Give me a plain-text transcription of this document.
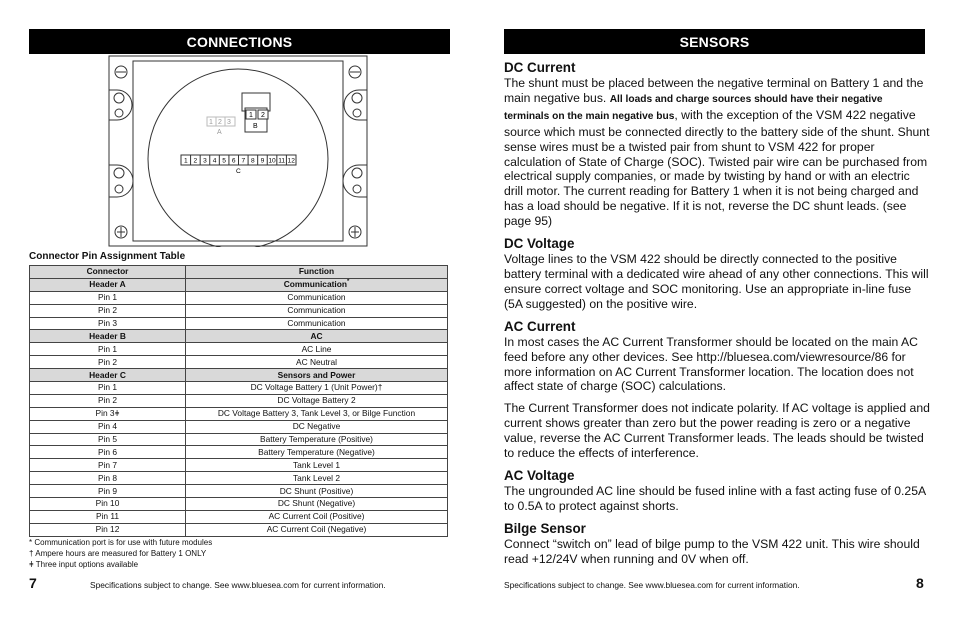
CONNECTIONS
1 2 3
A
1 2
B
1 2 3 4 5 6 7 8 9 10 11 12
C
Connector Pin Assignment Table
Connector	Function
Header A	Communication*
Pin 1	Communication
Pin 2	Communication
Pin 3	Communication
Header B	AC
Pin 1	AC Line
Pin 2	AC Neutral
Header C	Sensors and Power
Pin 1	DC Voltage Battery 1 (Unit Power)†
Pin 2	DC Voltage Battery 2
Pin 3ǂ	DC Voltage Battery 3, Tank Level 3, or Bilge Function
Pin 4	DC Negative
Pin 5	Battery Temperature (Positive)
Pin 6	Battery Temperature (Negative)
Pin 7	Tank Level 1
Pin 8	Tank Level 2
Pin 9	DC Shunt (Positive)
Pin 10	DC Shunt (Negative)
Pin 11	AC Current Coil (Positive)
Pin 12	AC Current Coil (Negative)
* Communication port is for use with future modules
† Ampere hours are measured for Battery 1 ONLY
ǂ Three input options available
7	Specifications subject to change. See www.bluesea.com for current information.
SENSORS
DC Current

The shunt must be placed between the negative terminal on Battery 1 and the main negative bus. All loads and charge sources should have their negative terminals on the main negative bus, with the exception of the VSM 422 negative source which must be connected directly to the battery side of the shunt. Shunt sense wires must be a twisted pair from shunt to VSM 422 for proper calculation of State of Charge (SOC). Twisted pair wire can be purchased from electrical supply companies, or made by twisting by hand or with an electric drill motor. The current reading for Battery 1 when it is not being charged and has a load should be negative. If it is not, reverse the DC shunt leads. (see page 95)

DC Voltage

Voltage lines to the VSM 422 should be directly connected to the positive battery terminal with a dedicated wire ahead of any other connections. This will ensure correct voltage and SOC monitoring. Use an appropriate in-line fuse (5A suggested) on the positive wire.

AC Current

In most cases the AC Current Transformer should be located on the main AC feed before any other devices. See http://bluesea.com/viewresource/86 for more information on AC Current Transformer location. The location does not affect state of charge (SOC) calculations.

The Current Transformer does not indicate polarity. If AC voltage is applied and current shows greater than zero but the power reading is zero or a negative value, reverse the AC Current Transformer leads. The leads should be twisted to reduce the effects of interference.

AC Voltage

The ungrounded AC line should be fused inline with a fast acting fuse of 0.25A to 0.5A to protect against shorts.

Bilge Sensor

Connect “switch on” lead of bilge pump to the VSM 422 unit. This wire should read +12/24V when running and 0V when off.

Specifications subject to change. See www.bluesea.com for current information.	8
